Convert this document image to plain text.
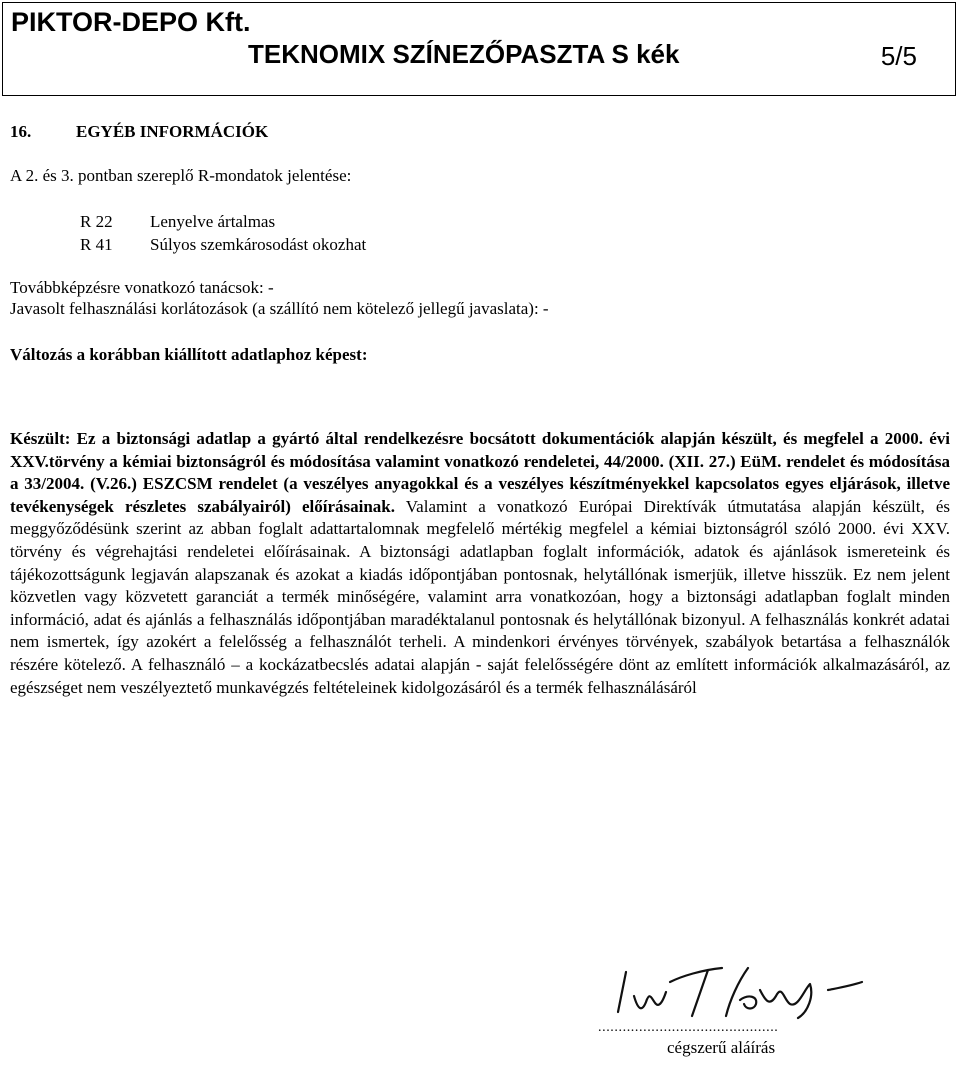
PIKTOR-DEPO Kft.
TEKNOMIX SZÍNEZŐPASZTA S kék	5/5
16.	EGYÉB INFORMÁCIÓK
A 2. és 3. pontban szereplő R-mondatok jelentése:
R 22 Lenyelve ártalmas
R 41 Súlyos szemkárosodást okozhat
Továbbképzésre vonatkozó tanácsok: -
Javasolt felhasználási korlátozások (a szállító nem kötelező jellegű javaslata): -
Változás a korábban kiállított adatlaphoz képest:
Készült: Ez a biztonsági adatlap a gyártó által rendelkezésre bocsátott dokumentációk alapján készült, és megfelel a 2000. évi XXV.törvény a kémiai biztonságról és módosítása valamint vonatkozó rendeletei, 44/2000. (XII. 27.) EüM. rendelet és módosítása a 33/2004. (V.26.) ESZCSM rendelet (a veszélyes anyagokkal és a veszélyes készítményekkel kapcsolatos egyes eljárások, illetve tevékenységek részletes szabályairól) előírásainak. Valamint a vonatkozó Európai Direktívák útmutatása alapján készült, és meggyőződésünk szerint az abban foglalt adattartalomnak megfelelő mértékig megfelel a kémiai biztonságról szóló 2000. évi XXV. törvény és végrehajtási rendeletei előírásainak. A biztonsági adatlapban foglalt információk, adatok és ajánlások ismereteink és tájékozottságunk legjaván alapszanak és azokat a kiadás időpontjában pontosnak, helytállónak ismerjük, illetve hisszük. Ez nem jelent közvetlen vagy közvetett garanciát a termék minőségére, valamint arra vonatkozóan, hogy a biztonsági adatlapban foglalt minden információ, adat és ajánlás a felhasználás időpontjában maradéktalanul pontosnak és helytállónak bizonyul. A felhasználás konkrét adatai nem ismertek, így azokért a felelősség a felhasználót terheli. A mindenkori érvényes törvények, szabályok betartása a felhasználók részére kötelező. A felhasználó – a kockázatbecslés adatai alapján - saját felelősségére dönt az említett információk alkalmazásáról, az egészséget nem veszélyeztető munkavégzés feltételeinek kidolgozásáról és a termék felhasználásáról
............................................
cégszerű aláírás
